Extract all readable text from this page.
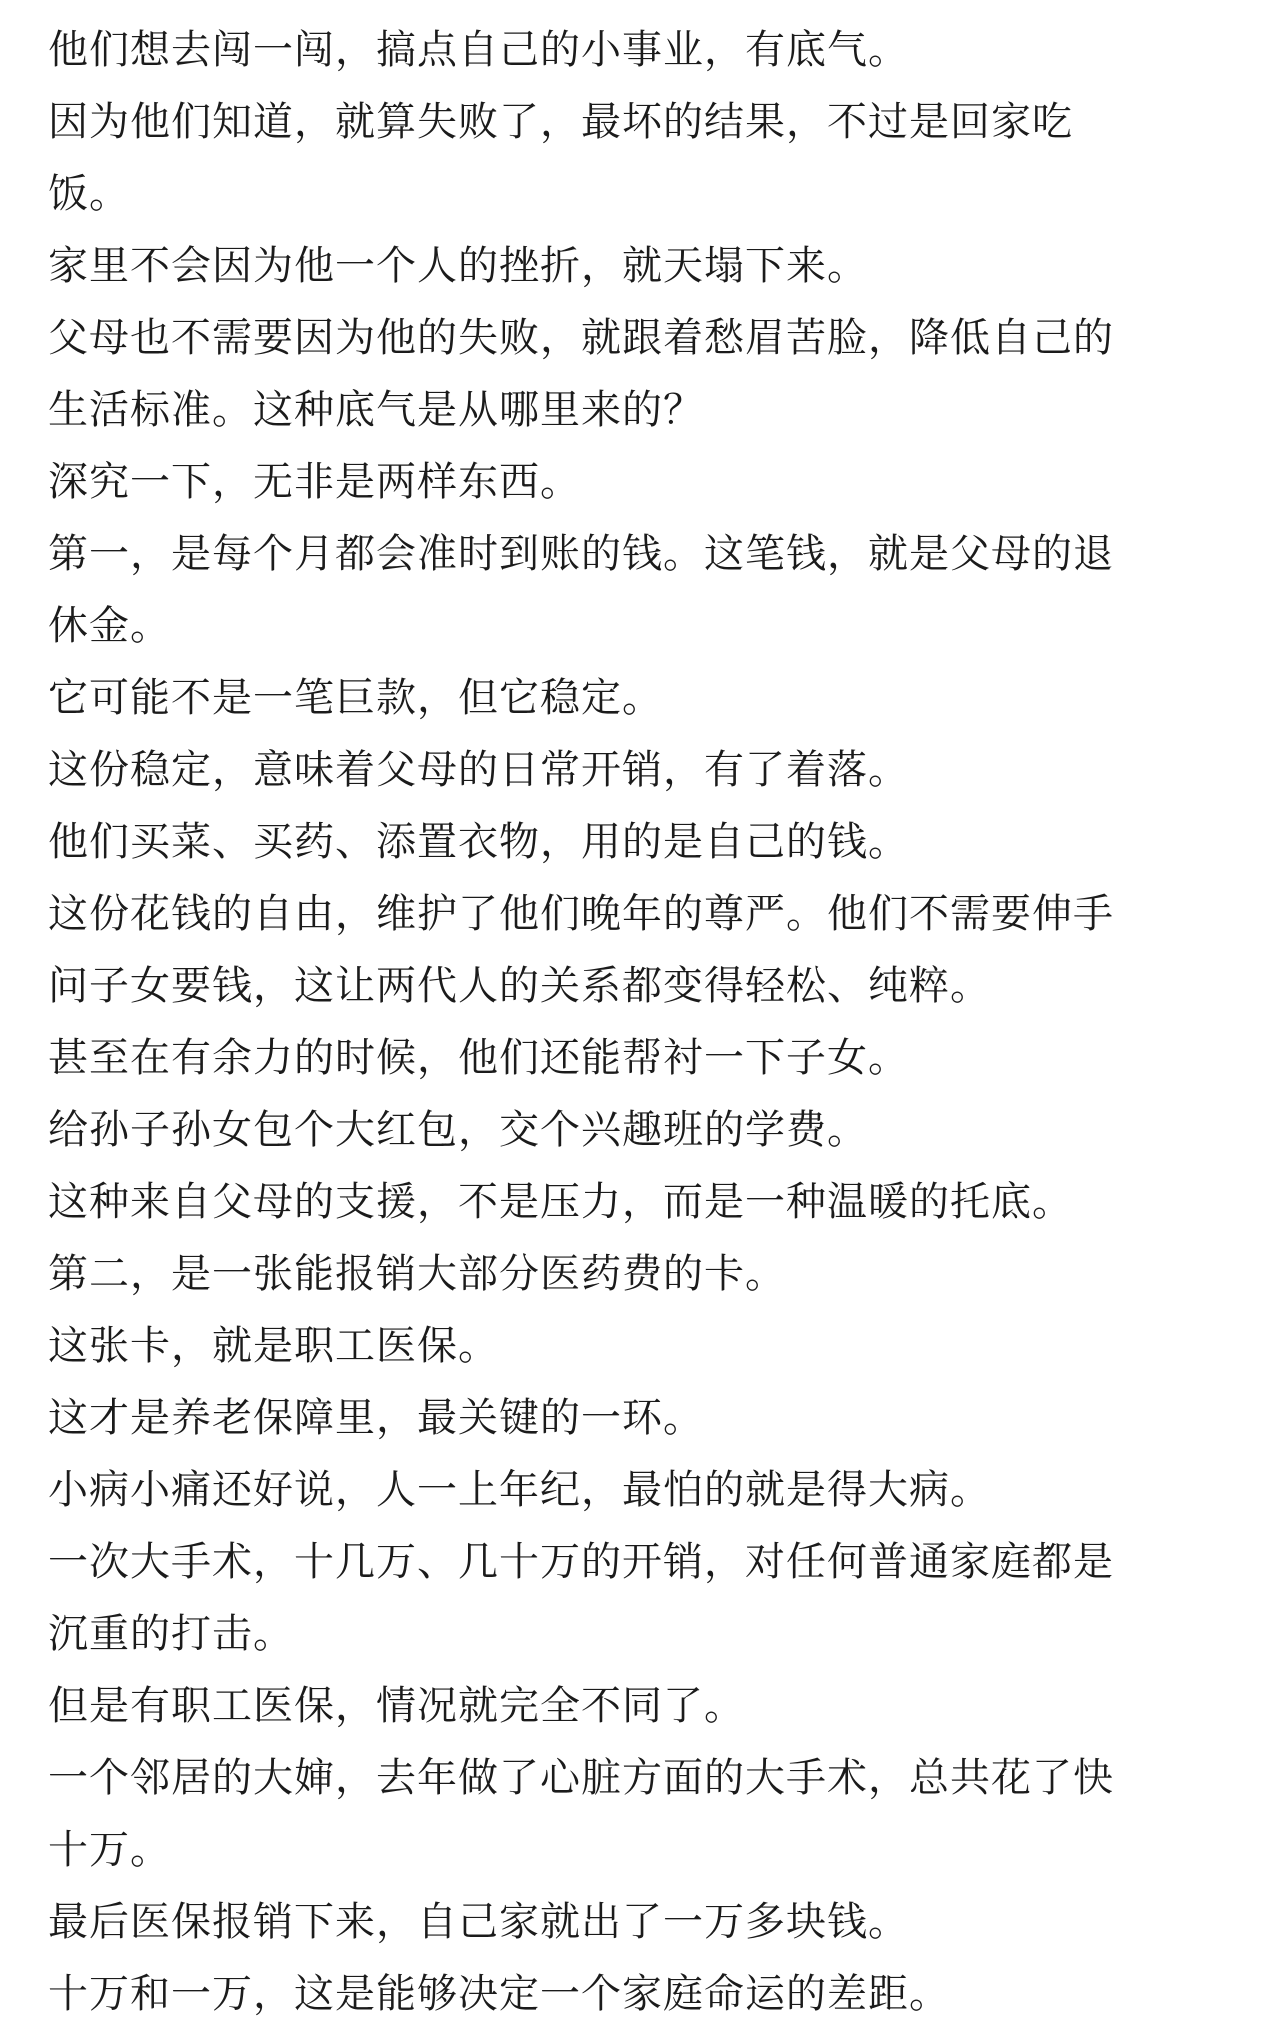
他们想去闯一闯，搞点自己的小事业，有底气。
因为他们知道，就算失败了，最坏的结果，不过是回家吃
饭。
家里不会因为他一个人的挫折，就天塌下来。
父母也不需要因为他的失败，就跟着愁眉苦脸，降低自己的
生活标准。这种底气是从哪里来的？
深究一下，无非是两样东西。
第一，是每个月都会准时到账的钱。这笔钱，就是父母的退
休金。
它可能不是一笔巨款，但它稳定。
这份稳定，意味着父母的日常开销，有了着落。
他们买菜、买药、添置衣物，用的是自己的钱。
这份花钱的自由，维护了他们晚年的尊严。他们不需要伸手
问子女要钱，这让两代人的关系都变得轻松、纯粹。
甚至在有余力的时候，他们还能帮衬一下子女。
给孙子孙女包个大红包，交个兴趣班的学费。
这种来自父母的支援，不是压力，而是一种温暖的托底。
第二，是一张能报销大部分医药费的卡。
这张卡，就是职工医保。
这才是养老保障里，最关键的一环。
小病小痛还好说，人一上年纪，最怕的就是得大病。
一次大手术，十几万、几十万的开销，对任何普通家庭都是
沉重的打击。
但是有职工医保，情况就完全不同了。
一个邻居的大婶，去年做了心脏方面的大手术，总共花了快
十万。
最后医保报销下来，自己家就出了一万多块钱。
十万和一万，这是能够决定一个家庭命运的差距。
